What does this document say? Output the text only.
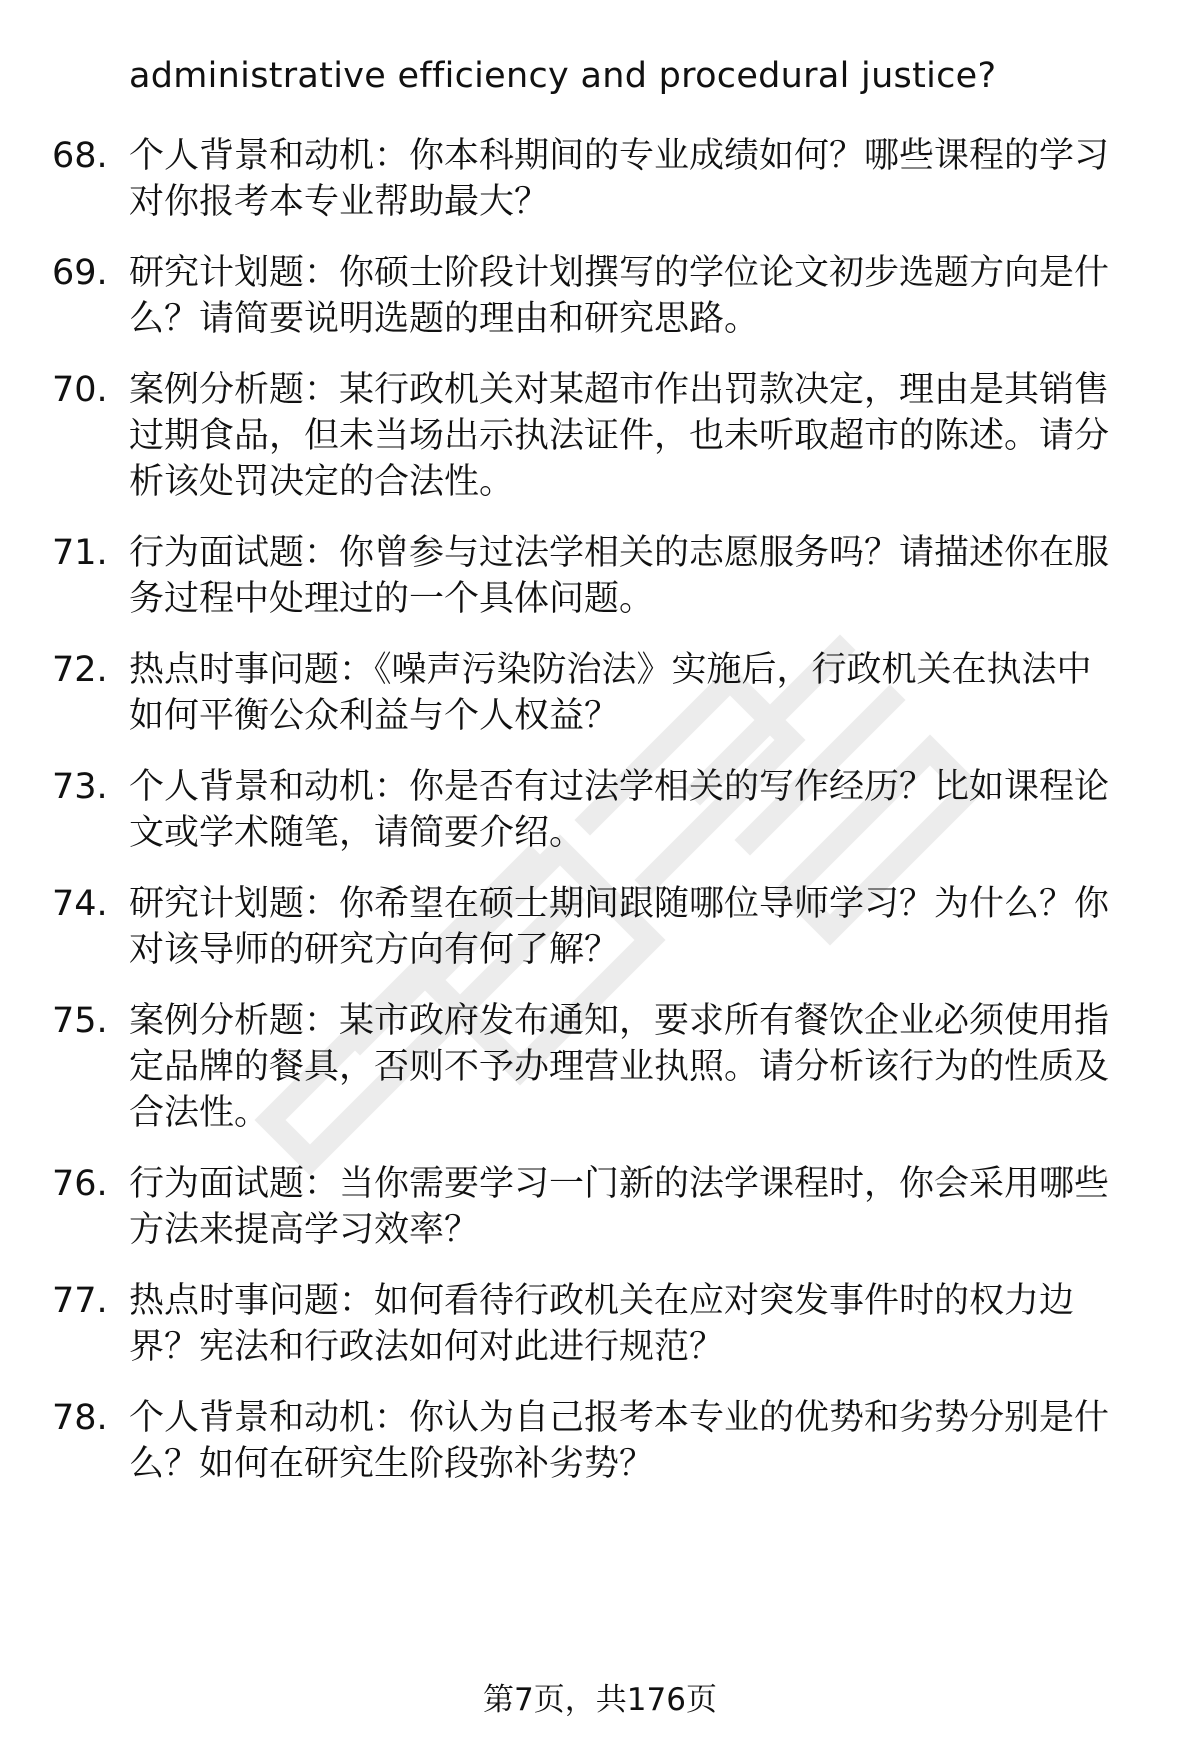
administrative efficiency and procedural justice?
68. 个人背景和动机：你本科期间的专业成绩如何？哪些课程的学习
对你报考本专业帮助最大？
69. 研究计划题：你硕士阶段计划撰写的学位论文初步选题方向是什
么？请简要说明选题的理由和研究思路。
70. 案例分析题：某行政机关对某超市作出罚款决定，理由是其销售
过期食品，但未当场出示执法证件，也未听取超市的陈述。请分
析该处罚决定的合法性。
71. 行为面试题：你曾参与过法学相关的志愿服务吗？请描述你在服
务过程中处理过的一个具体问题。
72. 热点时事问题：《噪声污染防治法》实施后，行政机关在执法中
如何平衡公众利益与个人权益？
73. 个人背景和动机：你是否有过法学相关的写作经历？比如课程论
文或学术随笔，请简要介绍。
74. 研究计划题：你希望在硕士期间跟随哪位导师学习？为什么？你
对该导师的研究方向有何了解？
75. 案例分析题：某市政府发布通知，要求所有餐饮企业必须使用指
定品牌的餐具，否则不予办理营业执照。请分析该行为的性质及
合法性。
76. 行为面试题：当你需要学习一门新的法学课程时，你会采用哪些
方法来提高学习效率？
77. 热点时事问题：如何看待行政机关在应对突发事件时的权力边
界？宪法和行政法如何对此进行规范？
78. 个人背景和动机：你认为自己报考本专业的优势和劣势分别是什
么？如何在研究生阶段弥补劣势？
第7页，共176页
